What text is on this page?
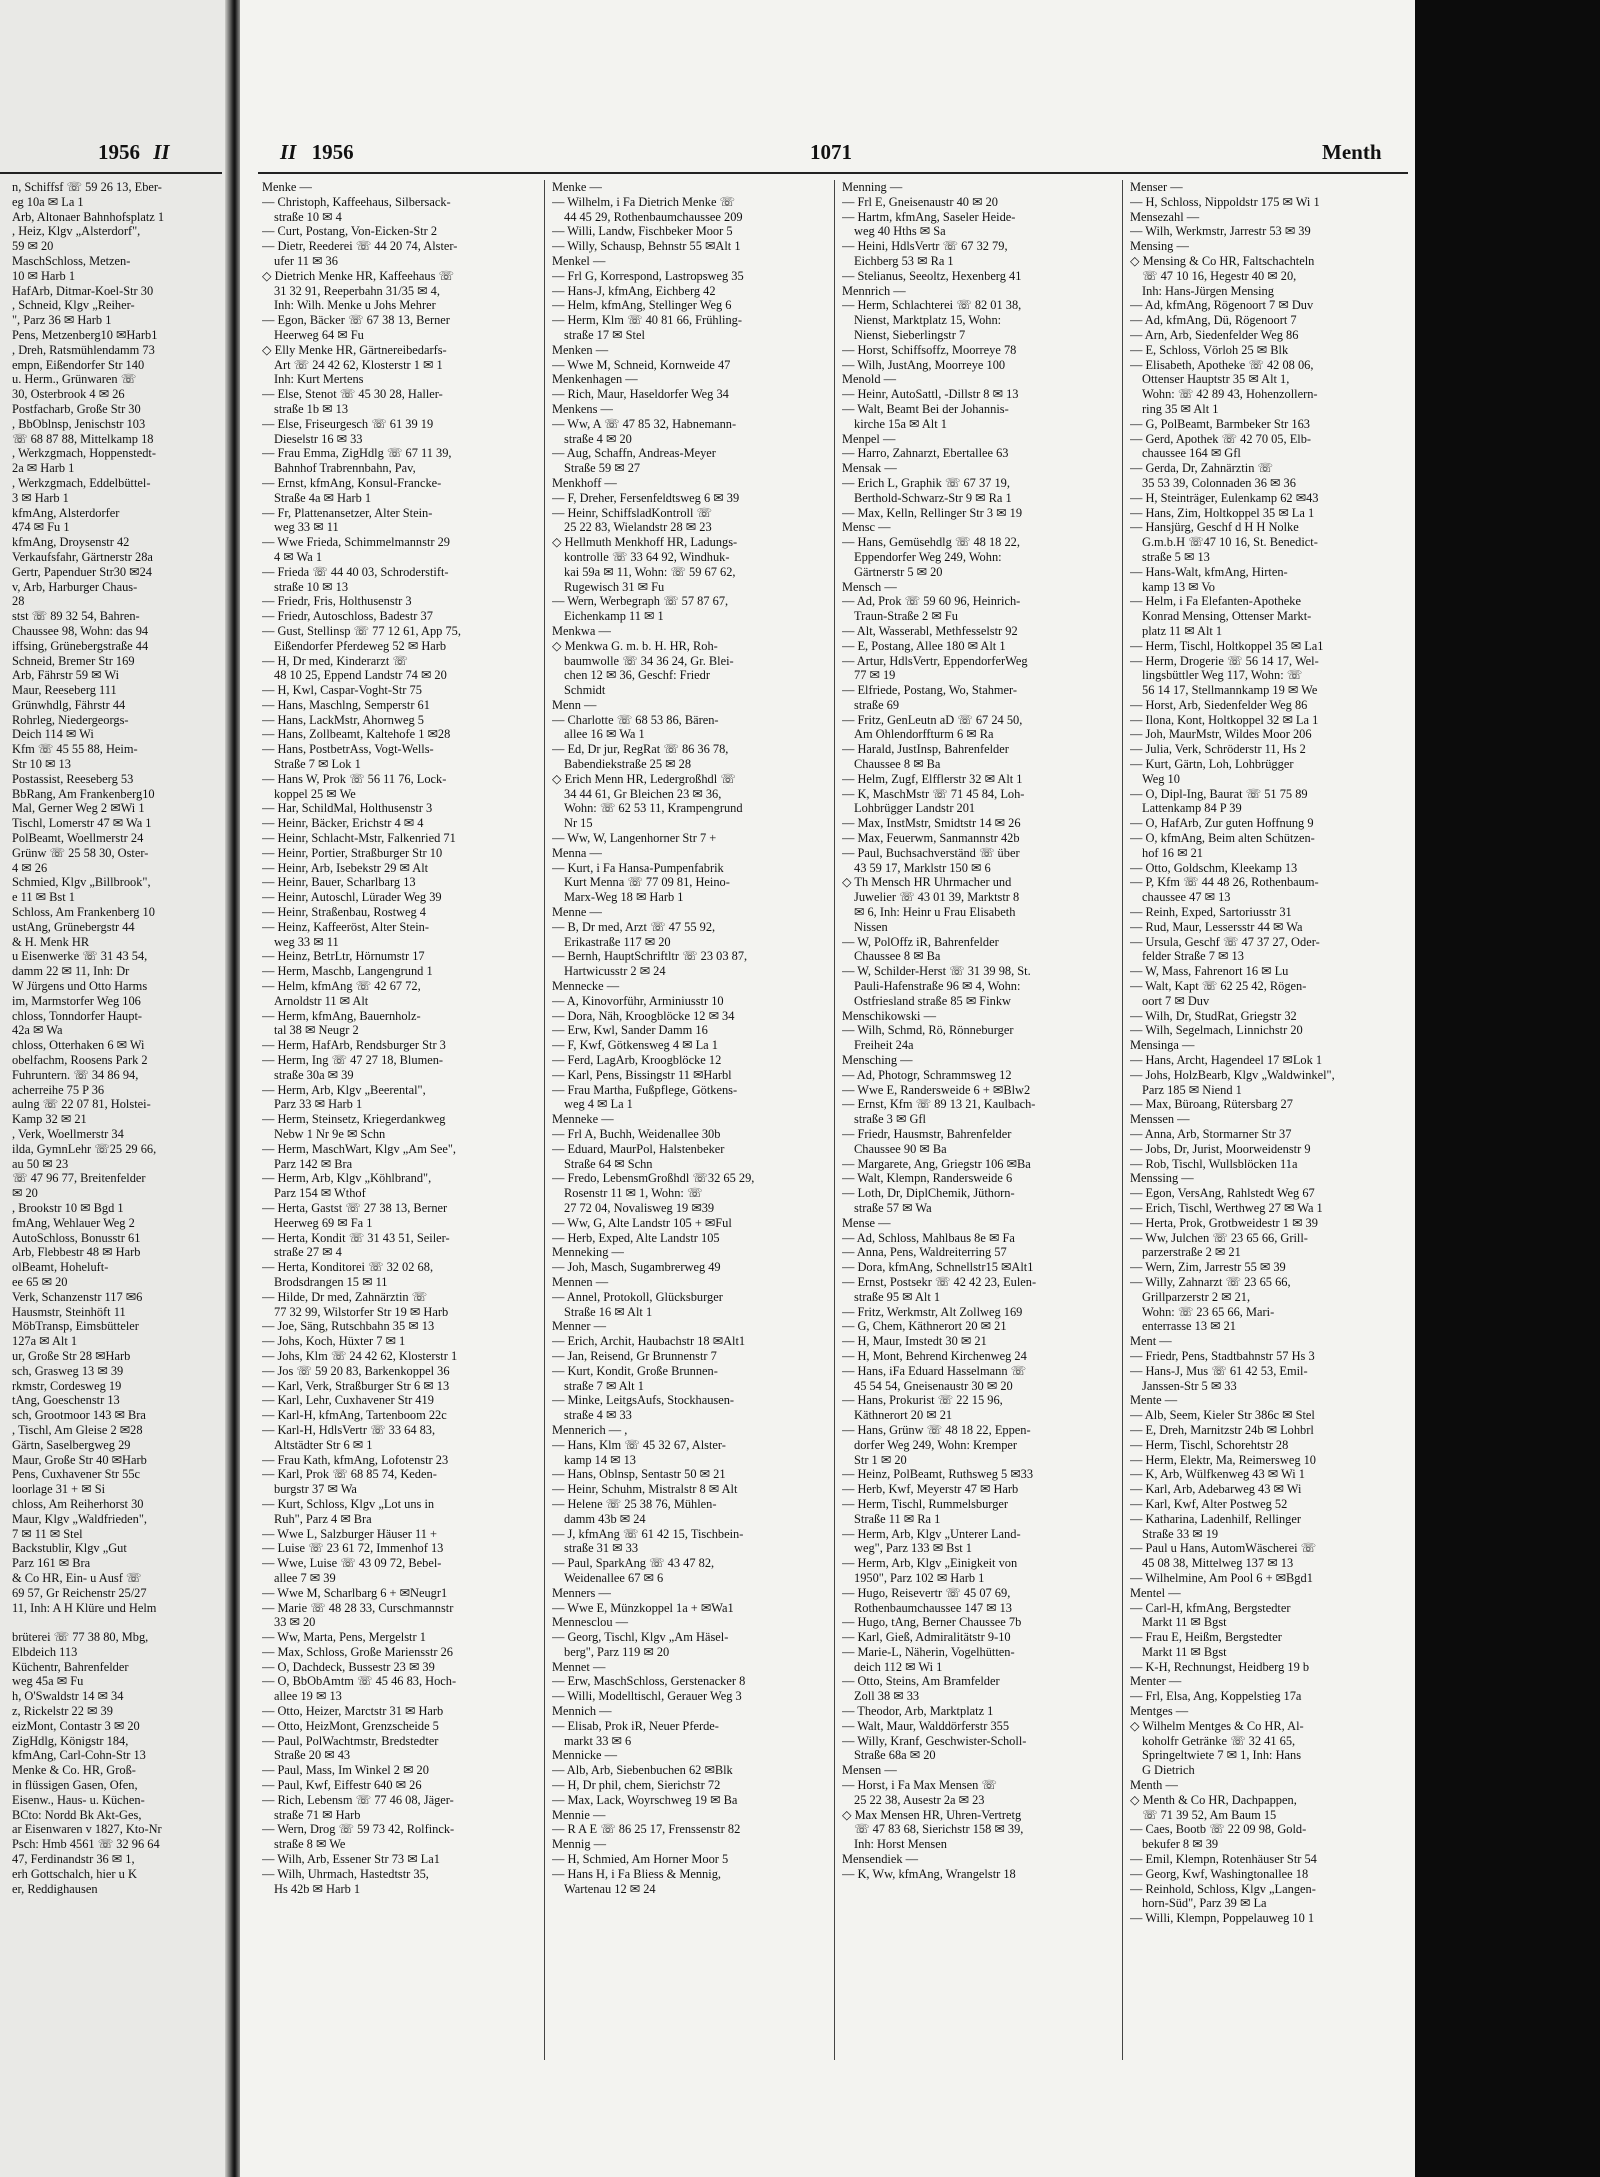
1956 II
n, Schiffsf ☏ 59 26 13, Eber-
eg 10a ✉ La 1
Arb, Altonaer Bahnhofsplatz 1
, Heiz, Klgv „Alsterdorf",
59 ✉ 20
MaschSchloss, Metzen-
10 ✉ Harb 1
HafArb, Ditmar-Koel-Str 30
, Schneid, Klgv „Reiher-
", Parz 36 ✉ Harb 1
Pens, Metzenberg10 ✉Harb1
, Dreh, Ratsmühlendamm 73
empn, Eißendorfer Str 140
u. Herm., Grünwaren ☏
30, Osterbrook 4 ✉ 26
Postfacharb, Große Str 30
, BbOblnsp, Jenischstr 103
☏ 68 87 88, Mittelkamp 18
, Werkzgmach, Hoppenstedt-
2a ✉ Harb 1
, Werkzgmach, Eddelbüttel-
3 ✉ Harb 1
kfmAng, Alsterdorfer
474 ✉ Fu 1
kfmAng, Droysenstr 42
Verkaufsfahr, Gärtnerstr 28a
Gertr, Papenduer Str30 ✉24
v, Arb, Harburger Chaus-
28
stst ☏ 89 32 54, Bahren-
Chaussee 98, Wohn: das 94
iffsing, Grünebergstraße 44
Schneid, Bremer Str 169
Arb, Fährstr 59 ✉ Wi
Maur, Reeseberg 111
Grünwhdlg, Fährstr 44
Rohrleg, Niedergeorgs-
Deich 114 ✉ Wi
Kfm ☏ 45 55 88, Heim-
Str 10 ✉ 13
Postassist, Reeseberg 53
BbRang, Am Frankenberg10
Mal, Gerner Weg 2 ✉Wi 1
Tischl, Lomerstr 47 ✉ Wa 1
PolBeamt, Woellmerstr 24
Grünw ☏ 25 58 30, Oster-
4 ✉ 26
Schmied, Klgv „Billbrook",
e 11 ✉ Bst 1
Schloss, Am Frankenberg 10
ustAng, Grünebergstr 44
& H. Menk HR
u Eisenwerke ☏ 31 43 54,
damm 22 ✉ 11, Inh: Dr
W Jürgens und Otto Harms
im, Marmstorfer Weg 106
chloss, Tonndorfer Haupt-
42a ✉ Wa
chloss, Otterhaken 6 ✉ Wi
obelfachm, Roosens Park 2
Fuhruntern. ☏ 34 86 94,
acherreihe 75 P 36
aulng ☏ 22 07 81, Holstei-
Kamp 32 ✉ 21
, Verk, Woellmerstr 34
ilda, GymnLehr ☏25 29 66,
au 50 ✉ 23
☏ 47 96 77, Breitenfelder
✉ 20
, Brookstr 10 ✉ Bgd 1
fmAng, Wehlauer Weg 2
AutoSchloss, Bonusstr 61
Arb, Flebbestr 48 ✉ Harb
olBeamt, Hoheluft-
ee 65 ✉ 20
Verk, Schanzenstr 117 ✉6
Hausmstr, Steinhöft 11
MöbTransp, Eimsbütteler
127a ✉ Alt 1
ur, Große Str 28 ✉Harb
sch, Grasweg 13 ✉ 39
rkmstr, Cordesweg 19
tAng, Goeschenstr 13
sch, Grootmoor 143 ✉ Bra
, Tischl, Am Gleise 2 ✉28
Gärtn, Saselbergweg 29
Maur, Große Str 40 ✉Harb
Pens, Cuxhavener Str 55c
loorlage 31 + ✉ Si
chloss, Am Reiherhorst 30
Maur, Klgv „Waldfrieden",
7 ✉ 11 ✉ Stel
Backstublir, Klgv „Gut
Parz 161 ✉ Bra
& Co HR, Ein- u Ausf ☏
69 57, Gr Reichenstr 25/27
11, Inh: A H Klüre und Helm

brüterei ☏ 77 38 80, Mbg,
Elbdeich 113
Küchentr, Bahrenfelder
weg 45a ✉ Fu
h, O'Swaldstr 14 ✉ 34
z, Rickelstr 22 ✉ 39
eizMont, Contastr 3 ✉ 20
ZigHdlg, Königstr 184,
kfmAng, Carl-Cohn-Str 13
Menke & Co. HR, Groß-
in flüssigen Gasen, Ofen,
Eisenw., Haus- u. Küchen-
BCto: Nordd Bk Akt-Ges,
ar Eisenwaren v 1827, Kto-Nr
Psch: Hmb 4561 ☏ 32 96 64
47, Ferdinandstr 36 ✉ 1,
erh Gottschalch, hier u K
er, Reddighausen
II 1956	1071	Menth
Menke —
— Christoph, Kaffeehaus, Silbersack-
straße 10 ✉ 4
— Curt, Postang, Von-Eicken-Str 2
— Dietr, Reederei ☏ 44 20 74, Alster-
ufer 11 ✉ 36
◇ Dietrich Menke HR, Kaffeehaus ☏
31 32 91, Reeperbahn 31/35 ✉ 4,
Inh: Wilh. Menke u Johs Mehrer
— Egon, Bäcker ☏ 67 38 13, Berner
Heerweg 64 ✉ Fu
◇ Elly Menke HR, Gärtnereibedarfs-
Art ☏ 24 42 62, Klosterstr 1 ✉ 1
Inh: Kurt Mertens
— Else, Stenot ☏ 45 30 28, Haller-
straße 1b ✉ 13
— Else, Friseurgesch ☏ 61 39 19
Dieselstr 16 ✉ 33
— Frau Emma, ZigHdlg ☏ 67 11 39,
Bahnhof Trabrennbahn, Pav,
— Ernst, kfmAng, Konsul-Francke-
Straße 4a ✉ Harb 1
— Fr, Plattenansetzer, Alter Stein-
weg 33 ✉ 11
— Wwe Frieda, Schimmelmannstr 29
4 ✉ Wa 1
— Frieda ☏ 44 40 03, Schroderstift-
straße 10 ✉ 13
— Friedr, Fris, Holthusenstr 3
— Friedr, Autoschloss, Badestr 37
— Gust, Stellinsp ☏ 77 12 61, App 75,
Eißendorfer Pferdeweg 52 ✉ Harb
— H, Dr med, Kinderarzt ☏
48 10 25, Eppend Landstr 74 ✉ 20
— H, Kwl, Caspar-Voght-Str 75
— Hans, Maschlng, Semperstr 61
— Hans, LackMstr, Ahornweg 5
— Hans, Zollbeamt, Kaltehofe 1 ✉28
— Hans, PostbetrAss, Vogt-Wells-
Straße 7 ✉ Lok 1
— Hans W, Prok ☏ 56 11 76, Lock-
koppel 25 ✉ We
— Har, SchildMal, Holthusenstr 3
— Heinr, Bäcker, Erichstr 4 ✉ 4
— Heinr, Schlacht-Mstr, Falkenried 71
— Heinr, Portier, Straßburger Str 10
— Heinr, Arb, Isebekstr 29 ✉ Alt
— Heinr, Bauer, Scharlbarg 13
— Heinr, Autoschl, Lürader Weg 39
— Heinr, Straßenbau, Rostweg 4
— Heinz, Kaffeeröst, Alter Stein-
weg 33 ✉ 11
— Heinz, BetrLtr, Hörnumstr 17
— Herm, Maschb, Langengrund 1
— Helm, kfmAng ☏ 42 67 72,
Arnoldstr 11 ✉ Alt
— Herm, kfmAng, Bauernholz-
tal 38 ✉ Neugr 2
— Herm, HafArb, Rendsburger Str 3
— Herm, Ing ☏ 47 27 18, Blumen-
straße 30a ✉ 39
— Herm, Arb, Klgv „Beerental",
Parz 33 ✉ Harb 1
— Herm, Steinsetz, Kriegerdankweg
Nebw 1 Nr 9e ✉ Schn
— Herm, MaschWart, Klgv „Am See",
Parz 142 ✉ Bra
— Herm, Arb, Klgv „Köhlbrand",
Parz 154 ✉ Wthof
— Herta, Gastst ☏ 27 38 13, Berner
Heerweg 69 ✉ Fa 1
— Herta, Kondit ☏ 31 43 51, Seiler-
straße 27 ✉ 4
— Herta, Konditorei ☏ 32 02 68,
Brodsdrangen 15 ✉ 11
— Hilde, Dr med, Zahnärztin ☏
77 32 99, Wilstorfer Str 19 ✉ Harb
— Joe, Säng, Rutschbahn 35 ✉ 13
— Johs, Koch, Hüxter 7 ✉ 1
— Johs, Klm ☏ 24 42 62, Klosterstr 1
— Jos ☏ 59 20 83, Barkenkoppel 36
— Karl, Verk, Straßburger Str 6 ✉ 13
— Karl, Lehr, Cuxhavener Str 419
— Karl-H, kfmAng, Tartenboom 22c
— Karl-H, HdlsVertr ☏ 33 64 83,
Altstädter Str 6 ✉ 1
— Frau Kath, kfmAng, Lofotenstr 23
— Karl, Prok ☏ 68 85 74, Keden-
burgstr 37 ✉ Wa
— Kurt, Schloss, Klgv „Lot uns in
Ruh", Parz 4 ✉ Bra
— Wwe L, Salzburger Häuser 11 +
— Luise ☏ 23 61 72, Immenhof 13
— Wwe, Luise ☏ 43 09 72, Bebel-
allee 7 ✉ 39
— Wwe M, Scharlbarg 6 + ✉Neugr1
— Marie ☏ 48 28 33, Curschmannstr
33 ✉ 20
— Ww, Marta, Pens, Mergelstr 1
— Max, Schloss, Große Mariensstr 26
— O, Dachdeck, Bussestr 23 ✉ 39
— O, BbObAmtm ☏ 45 46 83, Hoch-
allee 19 ✉ 13
— Otto, Heizer, Marctstr 31 ✉ Harb
— Otto, HeizMont, Grenzscheide 5
— Paul, PolWachtmstr, Bredstedter
Straße 20 ✉ 43
— Paul, Mass, Im Winkel 2 ✉ 20
— Paul, Kwf, Eiffestr 640 ✉ 26
— Rich, Lebensm ☏ 77 46 08, Jäger-
straße 71 ✉ Harb
— Wern, Drog ☏ 59 73 42, Rolfinck-
straße 8 ✉ We
— Wilh, Arb, Essener Str 73 ✉ La1
— Wilh, Uhrmach, Hastedtstr 35,
Hs 42b ✉ Harb 1
Menke —
— Wilhelm, i Fa Dietrich Menke ☏
44 45 29, Rothenbaumchaussee 209
— Willi, Landw, Fischbeker Moor 5
— Willy, Schausp, Behnstr 55 ✉Alt 1
Menkel —
— Frl G, Korrespond, Lastropsweg 35
— Hans-J, kfmAng, Eichberg 42
— Helm, kfmAng, Stellinger Weg 6
— Herm, Klm ☏ 40 81 66, Frühling-
straße 17 ✉ Stel
Menken —
— Wwe M, Schneid, Kornweide 47
Menkenhagen —
— Rich, Maur, Haseldorfer Weg 34
Menkens —
— Ww, A ☏ 47 85 32, Habnemann-
straße 4 ✉ 20
— Aug, Schaffn, Andreas-Meyer
Straße 59 ✉ 27
Menkhoff —
— F, Dreher, Fersenfeldtsweg 6 ✉ 39
— Heinr, SchiffsladKontroll ☏
25 22 83, Wielandstr 28 ✉ 23
◇ Hellmuth Menkhoff HR, Ladungs-
kontrolle ☏ 33 64 92, Windhuk-
kai 59a ✉ 11, Wohn: ☏ 59 67 62,
Rugewisch 31 ✉ Fu
— Wern, Werbegraph ☏ 57 87 67,
Eichenkamp 11 ✉ 1
Menkwa —
◇ Menkwa G. m. b. H. HR, Roh-
baumwolle ☏ 34 36 24, Gr. Blei-
chen 12 ✉ 36, Geschf: Friedr
Schmidt
Menn —
— Charlotte ☏ 68 53 86, Bären-
allee 16 ✉ Wa 1
— Ed, Dr jur, RegRat ☏ 86 36 78,
Babendiekstraße 25 ✉ 28
◇ Erich Menn HR, Ledergroßhdl ☏
34 44 61, Gr Bleichen 23 ✉ 36,
Wohn: ☏ 62 53 11, Krampengrund
Nr 15
— Ww, W, Langenhorner Str 7 +
Menna —
— Kurt, i Fa Hansa-Pumpenfabrik
Kurt Menna ☏ 77 09 81, Heino-
Marx-Weg 18 ✉ Harb 1
Menne —
— B, Dr med, Arzt ☏ 47 55 92,
Erikastraße 117 ✉ 20
— Bernh, HauptSchriftltr ☏ 23 03 87,
Hartwicusstr 2 ✉ 24
Mennecke —
— A, Kinovorführ, Arminiusstr 10
— Dora, Näh, Kroogblöcke 12 ✉ 34
— Erw, Kwl, Sander Damm 16
— F, Kwf, Götkensweg 4 ✉ La 1
— Ferd, LagArb, Kroogblöcke 12
— Karl, Pens, Bissingstr 11 ✉Harbl
— Frau Martha, Fußpflege, Götkens-
weg 4 ✉ La 1
Menneke —
— Frl A, Buchh, Weidenallee 30b
— Eduard, MaurPol, Halstenbeker
Straße 64 ✉ Schn
— Fredo, LebensmGroßhdl ☏32 65 29,
Rosenstr 11 ✉ 1, Wohn: ☏
27 72 04, Novalisweg 19 ✉39
— Ww, G, Alte Landstr 105 + ✉Ful
— Herb, Exped, Alte Landstr 105
Menneking —
— Joh, Masch, Sugambrerweg 49
Mennen —
— Annel, Protokoll, Glücksburger
Straße 16 ✉ Alt 1
Menner —
— Erich, Archit, Haubachstr 18 ✉Alt1
— Jan, Reisend, Gr Brunnenstr 7
— Kurt, Kondit, Große Brunnen-
straße 7 ✉ Alt 1
— Minke, LeitgsAufs, Stockhausen-
straße 4 ✉ 33
Mennerich — ,
— Hans, Klm ☏ 45 32 67, Alster-
kamp 14 ✉ 13
— Hans, Oblnsp, Sentastr 50 ✉ 21
— Heinr, Schuhm, Mistralstr 8 ✉ Alt
— Helene ☏ 25 38 76, Mühlen-
damm 43b ✉ 24
— J, kfmAng ☏ 61 42 15, Tischbein-
straße 31 ✉ 33
— Paul, SparkAng ☏ 43 47 82,
Weidenallee 67 ✉ 6
Menners —
— Wwe E, Münzkoppel 1a + ✉Wa1
Mennesclou —
— Georg, Tischl, Klgv „Am Häsel-
berg", Parz 119 ✉ 20
Mennet —
— Erw, MaschSchloss, Gerstenacker 8
— Willi, Modelltischl, Gerauer Weg 3
Mennich —
— Elisab, Prok iR, Neuer Pferde-
markt 33 ✉ 6
Mennicke —
— Alb, Arb, Siebenbuchen 62 ✉Blk
— H, Dr phil, chem, Sierichstr 72
— Max, Lack, Woyrschweg 19 ✉ Ba
Mennie —
— R A E ☏ 86 25 17, Frenssenstr 82
Mennig —
— H, Schmied, Am Horner Moor 5
— Hans H, i Fa Bliess & Mennig,
Wartenau 12 ✉ 24
Menning —
— Frl E, Gneisenaustr 40 ✉ 20
— Hartm, kfmAng, Saseler Heide-
weg 40 Hths ✉ Sa
— Heini, HdlsVertr ☏ 67 32 79,
Eichberg 53 ✉ Ra 1
— Stelianus, Seeoltz, Hexenberg 41
Mennrich —
— Herm, Schlachterei ☏ 82 01 38,
Nienst, Marktplatz 15, Wohn:
Nienst, Sieberlingstr 7
— Horst, Schiffsoffz, Moorreye 78
— Wilh, JustAng, Moorreye 100
Menold —
— Heinr, AutoSattl, -Dillstr 8 ✉ 13
— Walt, Beamt Bei der Johannis-
kirche 15a ✉ Alt 1
Menpel —
— Harro, Zahnarzt, Ebertallee 63
Mensak —
— Erich L, Graphik ☏ 67 37 19,
Berthold-Schwarz-Str 9 ✉ Ra 1
— Max, Kelln, Rellinger Str 3 ✉ 19
Mensc —
— Hans, Gemüsehdlg ☏ 48 18 22,
Eppendorfer Weg 249, Wohn:
Gärtnerstr 5 ✉ 20
Mensch —
— Ad, Prok ☏ 59 60 96, Heinrich-
Traun-Straße 2 ✉ Fu
— Alt, Wasserabl, Methfesselstr 92
— E, Postang, Allee 180 ✉ Alt 1
— Artur, HdlsVertr, EppendorferWeg
77 ✉ 19
— Elfriede, Postang, Wo, Stahmer-
straße 69
— Fritz, GenLeutn aD ☏ 67 24 50,
Am Ohlendorffturm 6 ✉ Ra
— Harald, JustInsp, Bahrenfelder
Chaussee 8 ✉ Ba
— Helm, Zugf, Elfflerstr 32 ✉ Alt 1
— K, MaschMstr ☏ 71 45 84, Loh-
Lohbrügger Landstr 201
— Max, InstMstr, Smidtstr 14 ✉ 26
— Max, Feuerwm, Sanmannstr 42b
— Paul, Buchsachverständ ☏ über
43 59 17, Marklstr 150 ✉ 6
◇ Th Mensch HR Uhrmacher und
Juwelier ☏ 43 01 39, Marktstr 8
✉ 6, Inh: Heinr u Frau Elisabeth
Nissen
— W, PolOffz iR, Bahrenfelder
Chaussee 8 ✉ Ba
— W, Schilder-Herst ☏ 31 39 98, St.
Pauli-Hafenstraße 96 ✉ 4, Wohn:
Ostfriesland straße 85 ✉ Finkw
Menschikowski —
— Wilh, Schmd, Rö, Rönneburger
Freiheit 24a
Mensching —
— Ad, Photogr, Schrammsweg 12
— Wwe E, Randersweide 6 + ✉Blw2
— Ernst, Kfm ☏ 89 13 21, Kaulbach-
straße 3 ✉ Gfl
— Friedr, Hausmstr, Bahrenfelder
Chaussee 90 ✉ Ba
— Margarete, Ang, Griegstr 106 ✉Ba
— Walt, Klempn, Randersweide 6
— Loth, Dr, DiplChemik, Jüthorn-
straße 57 ✉ Wa
Mense —
— Ad, Schloss, Mahlbaus 8e ✉ Fa
— Anna, Pens, Waldreiterring 57
— Dora, kfmAng, Schnellstr15 ✉Alt1
— Ernst, Postsekr ☏ 42 42 23, Eulen-
straße 95 ✉ Alt 1
— Fritz, Werkmstr, Alt Zollweg 169
— G, Chem, Käthnerort 20 ✉ 21
— H, Maur, Imstedt 30 ✉ 21
— H, Mont, Behrend Kirchenweg 24
— Hans, iFa Eduard Hasselmann ☏
45 54 54, Gneisenaustr 30 ✉ 20
— Hans, Prokurist ☏ 22 15 96,
Käthnerort 20 ✉ 21
— Hans, Grünw ☏ 48 18 22, Eppen-
dorfer Weg 249, Wohn: Kremper
Str 1 ✉ 20
— Heinz, PolBeamt, Ruthsweg 5 ✉33
— Herb, Kwf, Meyerstr 47 ✉ Harb
— Herm, Tischl, Rummelsburger
Straße 11 ✉ Ra 1
— Herm, Arb, Klgv „Unterer Land-
weg", Parz 133 ✉ Bst 1
— Herm, Arb, Klgv „Einigkeit von
1950", Parz 102 ✉ Harb 1
— Hugo, Reisevertr ☏ 45 07 69,
Rothenbaumchaussee 147 ✉ 13
— Hugo, tAng, Berner Chaussee 7b
— Karl, Gieß, Admiralitätstr 9-10
— Marie-L, Näherin, Vogelhütten-
deich 112 ✉ Wi 1
— Otto, Steins, Am Bramfelder
Zoll 38 ✉ 33
— Theodor, Arb, Marktplatz 1
— Walt, Maur, Walddörferstr 355
— Willy, Kranf, Geschwister-Scholl-
Straße 68a ✉ 20
Mensen —
— Horst, i Fa Max Mensen ☏
25 22 38, Ausestr 2a ✉ 23
◇ Max Mensen HR, Uhren-Vertretg
☏ 47 83 68, Sierichstr 158 ✉ 39,
Inh: Horst Mensen
Mensendiek —
— K, Ww, kfmAng, Wrangelstr 18
Menser —
— H, Schloss, Nippoldstr 175 ✉ Wi 1
Mensezahl —
— Wilh, Werkmstr, Jarrestr 53 ✉ 39
Mensing —
◇ Mensing & Co HR, Faltschachteln
☏ 47 10 16, Hegestr 40 ✉ 20,
Inh: Hans-Jürgen Mensing
— Ad, kfmAng, Rögenoort 7 ✉ Duv
— Ad, kfmAng, Dü, Rögenoort 7
— Arn, Arb, Siedenfelder Weg 86
— E, Schloss, Vörloh 25 ✉ Blk
— Elisabeth, Apotheke ☏ 42 08 06,
Ottenser Hauptstr 35 ✉ Alt 1,
Wohn: ☏ 42 89 43, Hohenzollern-
ring 35 ✉ Alt 1
— G, PolBeamt, Barmbeker Str 163
— Gerd, Apothek ☏ 42 70 05, Elb-
chaussee 164 ✉ Gfl
— Gerda, Dr, Zahnärztin ☏
35 53 39, Colonnaden 36 ✉ 36
— H, Steinträger, Eulenkamp 62 ✉43
— Hans, Zim, Holtkoppel 35 ✉ La 1
— Hansjürg, Geschf d H H Nolke
G.m.b.H ☏47 10 16, St. Benedict-
straße 5 ✉ 13
— Hans-Walt, kfmAng, Hirten-
kamp 13 ✉ Vo
— Helm, i Fa Elefanten-Apotheke
Konrad Mensing, Ottenser Markt-
platz 11 ✉ Alt 1
— Herm, Tischl, Holtkoppel 35 ✉ La1
— Herm, Drogerie ☏ 56 14 17, Wel-
lingsbüttler Weg 117, Wohn: ☏
56 14 17, Stellmannkamp 19 ✉ We
— Horst, Arb, Siedenfelder Weg 86
— Ilona, Kont, Holtkoppel 32 ✉ La 1
— Joh, MaurMstr, Wildes Moor 206
— Julia, Verk, Schröderstr 11, Hs 2
— Kurt, Gärtn, Loh, Lohbrügger
Weg 10
— O, Dipl-Ing, Baurat ☏ 51 75 89
Lattenkamp 84 P 39
— O, HafArb, Zur guten Hoffnung 9
— O, kfmAng, Beim alten Schützen-
hof 16 ✉ 21
— Otto, Goldschm, Kleekamp 13
— P, Kfm ☏ 44 48 26, Rothenbaum-
chaussee 47 ✉ 13
— Reinh, Exped, Sartoriusstr 31
— Rud, Maur, Lessersstr 44 ✉ Wa
— Ursula, Geschf ☏ 47 37 27, Oder-
felder Straße 7 ✉ 13
— W, Mass, Fahrenort 16 ✉ Lu
— Walt, Kapt ☏ 62 25 42, Rögen-
oort 7 ✉ Duv
— Wilh, Dr, StudRat, Griegstr 32
— Wilh, Segelmach, Linnichstr 20
Mensinga —
— Hans, Archt, Hagendeel 17 ✉Lok 1
— Johs, HolzBearb, Klgv „Waldwinkel",
Parz 185 ✉ Niend 1
— Max, Büroang, Rütersbarg 27
Menssen —
— Anna, Arb, Stormarner Str 37
— Jobs, Dr, Jurist, Moorweidenstr 9
— Rob, Tischl, Wullsblöcken 11a
Menssing —
— Egon, VersAng, Rahlstedt Weg 67
— Erich, Tischl, Werthweg 27 ✉ Wa 1
— Herta, Prok, Grotbweidestr 1 ✉ 39
— Ww, Julchen ☏ 23 65 66, Grill-
parzerstraße 2 ✉ 21
— Wern, Zim, Jarrestr 55 ✉ 39
— Willy, Zahnarzt ☏ 23 65 66,
Grillparzerstr 2 ✉ 21,
Wohn: ☏ 23 65 66, Mari-
enterrasse 13 ✉ 21
Ment —
— Friedr, Pens, Stadtbahnstr 57 Hs 3
— Hans-J, Mus ☏ 61 42 53, Emil-
Janssen-Str 5 ✉ 33
Mente —
— Alb, Seem, Kieler Str 386c ✉ Stel
— E, Dreh, Marnitzstr 24b ✉ Lohbrl
— Herm, Tischl, Schorehtstr 28
— Herm, Elektr, Ma, Reimersweg 10
— K, Arb, Wülfkenweg 43 ✉ Wi 1
— Karl, Arb, Adebarweg 43 ✉ Wi
— Karl, Kwf, Alter Postweg 52
— Katharina, Ladenhilf, Rellinger
Straße 33 ✉ 19
— Paul u Hans, AutomWäscherei ☏
45 08 38, Mittelweg 137 ✉ 13
— Wilhelmine, Am Pool 6 + ✉Bgd1
Mentel —
— Carl-H, kfmAng, Bergstedter
Markt 11 ✉ Bgst
— Frau E, Heißm, Bergstedter
Markt 11 ✉ Bgst
— K-H, Rechnungst, Heidberg 19 b
Menter —
— Frl, Elsa, Ang, Koppelstieg 17a
Mentges —
◇ Wilhelm Mentges & Co HR, Al-
koholfr Getränke ☏ 32 41 65,
Springeltwiete 7 ✉ 1, Inh: Hans
G Dietrich
Menth —
◇ Menth & Co HR, Dachpappen,
☏ 71 39 52, Am Baum 15
— Caes, Bootb ☏ 22 09 98, Gold-
bekufer 8 ✉ 39
— Emil, Klempn, Rotenhäuser Str 54
— Georg, Kwf, Washingtonallee 18
— Reinhold, Schloss, Klgv „Langen-
horn-Süd", Parz 39 ✉ La
— Willi, Klempn, Poppelauweg 10 1
